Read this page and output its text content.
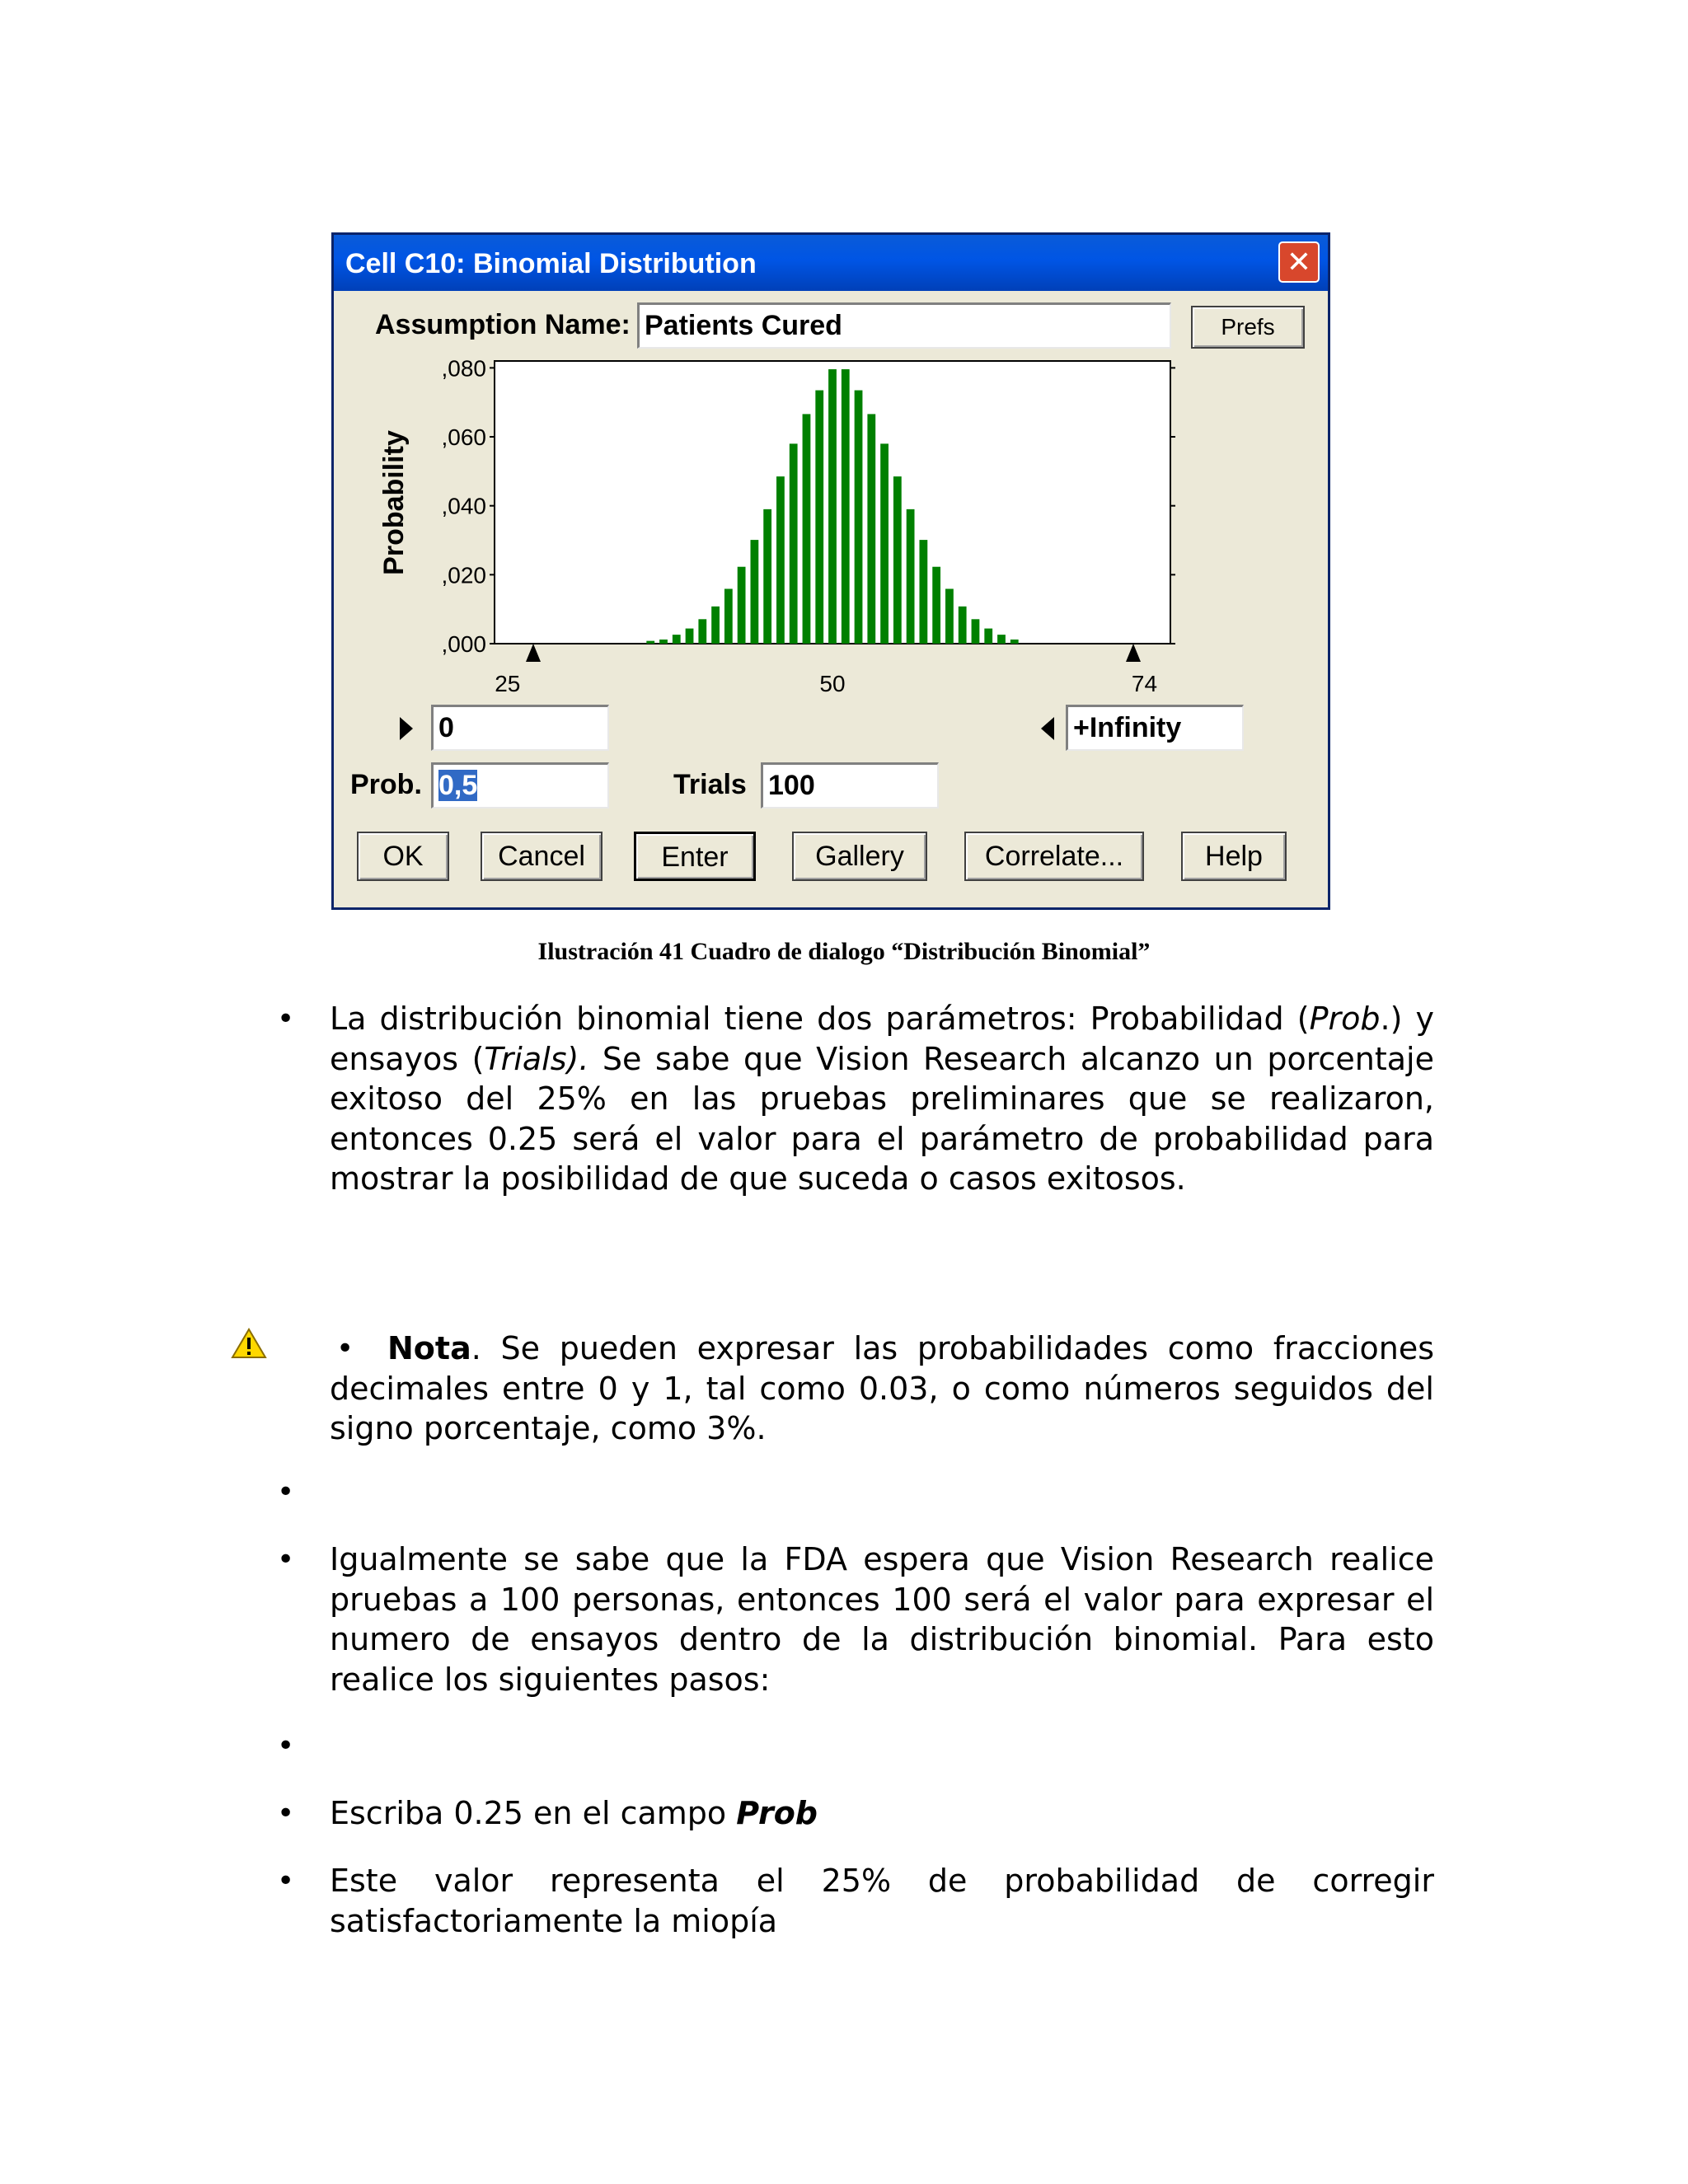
Cell C10: Binomial Distribution	✕
Assumption Name: Patients Cured	Prefs
Probability
,000
,020
,040
,060
,080
25	50	74
0	+Infinity
Prob. 0,5	Trials 100
OK	Cancel	Enter	Gallery	Correlate...	Help
Ilustración 41 Cuadro de dialogo “Distribución Binomial”
• La distribución binomial tiene dos parámetros: Probabilidad (Prob.) y ensayos (Trials). Se sabe que Vision Research alcanzo un porcentaje exitoso del 25% en las pruebas preliminares que se realizaron, entonces 0.25 será el valor para el parámetro de probabilidad para mostrar la posibilidad de que suceda o casos exitosos.
•	Nota. Se pueden expresar las probabilidades como fracciones decimales entre 0 y 1, tal como 0.03, o como números seguidos del signo porcentaje, como 3%.
•
• Igualmente se sabe que la FDA espera que Vision Research realice pruebas a 100 personas, entonces 100 será el valor para expresar el numero de ensayos dentro de la distribución binomial. Para esto realice los siguientes pasos:
•
• Escriba 0.25 en el campo Prob
• Este valor representa el 25% de probabilidad de corregir satisfactoriamente la miopía
